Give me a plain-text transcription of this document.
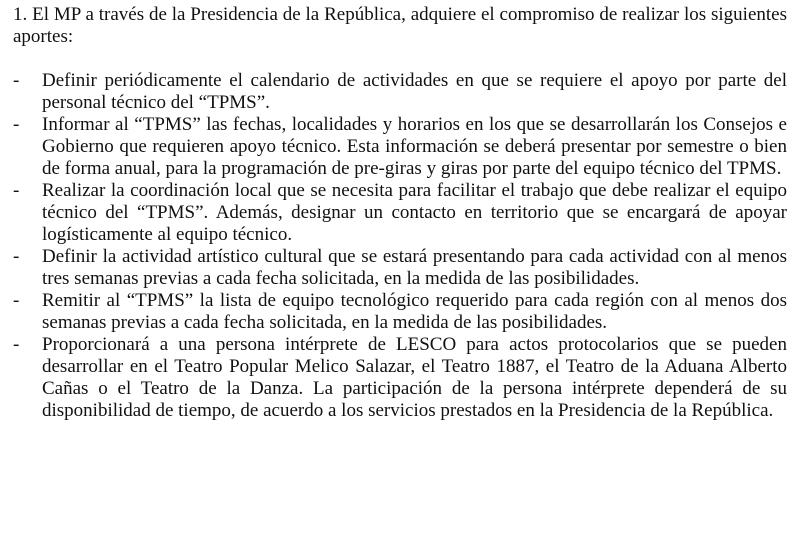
1. El MP a través de la Presidencia de la República, adquiere el compromiso de realizar los siguientes aportes:

- Definir periódicamente el calendario de actividades en que se requiere el apoyo por parte del personal técnico del “TPMS”.
- Informar al “TPMS” las fechas, localidades y horarios en los que se desarrollarán los Consejos e Gobierno que requieren apoyo técnico. Esta información se deberá presentar por semestre o bien de forma anual, para la programación de pre-giras y giras por parte del equipo técnico del TPMS.
- Realizar la coordinación local que se necesita para facilitar el trabajo que debe realizar el equipo técnico del “TPMS”. Además, designar un contacto en territorio que se encargará de apoyar logísticamente al equipo técnico.
- Definir la actividad artístico cultural que se estará presentando para cada actividad con al menos tres semanas previas a cada fecha solicitada, en la medida de las posibilidades.
- Remitir al “TPMS” la lista de equipo tecnológico requerido para cada región con al menos dos semanas previas a cada fecha solicitada, en la medida de las posibilidades.
- Proporcionará a una persona intérprete de LESCO para actos protocolarios que se pueden desarrollar en el Teatro Popular Melico Salazar, el Teatro 1887, el Teatro de la Aduana Alberto Cañas o el Teatro de la Danza. La participación de la persona intérprete dependerá de su disponibilidad de tiempo, de acuerdo a los servicios prestados en la Presidencia de la República.
